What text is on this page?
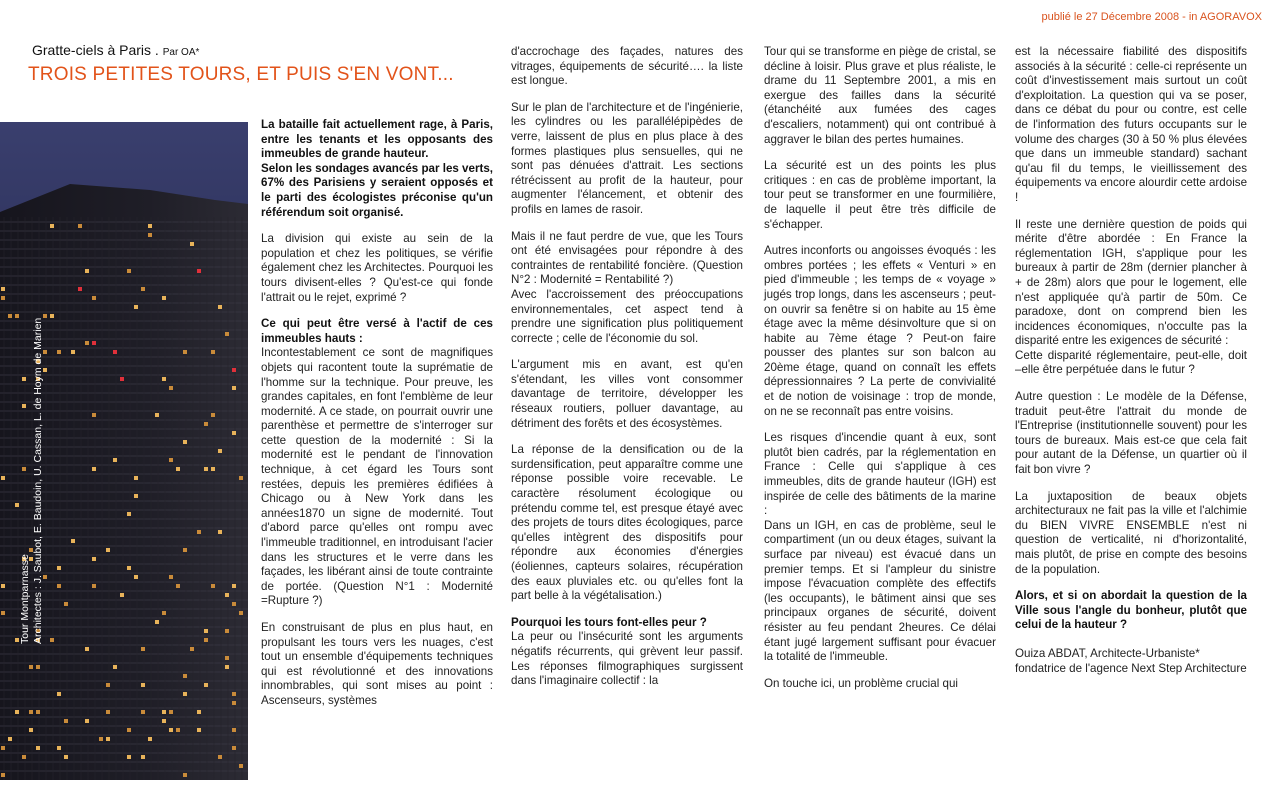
publié le 27 Décembre 2008 - in AGORAVOX
Gratte-ciels à Paris . Par OA*
TROIS PETITES TOURS, ET PUIS S'EN VONT...
Tour Montparnasse Architectes : J. Saubot, E. Baudoin, U. Cassan, L. de Hoym de Marien

La bataille fait actuellement rage, à Paris, entre les tenants et les opposants des immeubles de grande hauteur.

Selon les sondages avancés par les verts, 67% des Parisiens y seraient opposés et le parti des écologistes préconise qu'un référendum soit organisé.

La division qui existe au sein de la population et chez les politiques, se vérifie également chez les Architectes. Pourquoi les tours divisent-elles ? Qu'est-ce qui fonde l'attrait ou le rejet, exprimé ?

Ce qui peut être versé à l'actif de ces immeubles hauts :

Incontestablement ce sont de magnifiques objets qui racontent toute la suprématie de l'homme sur la technique. Pour preuve, les grandes capitales, en font l'emblème de leur modernité. A ce stade, on pourrait ouvrir une parenthèse et permettre de s'interroger sur cette question de la modernité : Si la modernité est le pendant de l'innovation technique, à cet égard les Tours sont restées, depuis les premières édifiées à Chicago ou à New York dans les années1870 un signe de modernité. Tout d'abord parce qu'elles ont rompu avec l'immeuble traditionnel, en introduisant l'acier dans les structures et le verre dans les façades, les libérant ainsi de toute contrainte de portée. (Question N°1 : Modernité =Rupture ?)

En construisant de plus en plus haut, en propulsant les tours vers les nuages, c'est tout un ensemble d'équipements techniques qui est révolutionné et des innovations innombrables, qui sont mises au point : Ascenseurs, systèmes

d'accrochage des façades, natures des vitrages, équipements de sécurité…. la liste est longue.

Sur le plan de l'architecture et de l'ingénierie, les cylindres ou les parallélépipèdes de verre, laissent de plus en plus place à des formes plastiques plus sensuelles, qui ne sont pas dénuées d'attrait. Les sections rétrécissent au profit de la hauteur, pour augmenter l'élancement, et obtenir des profils en lames de rasoir.

Mais il ne faut perdre de vue, que les Tours ont été envisagées pour répondre à des contraintes de rentabilité foncière. (Question N°2 : Modernité = Rentabilité ?)

Avec l'accroissement des préoccupations environnementales, cet aspect tend à prendre une signification plus politiquement correcte ; celle de l'économie du sol.

L'argument mis en avant, est qu'en s'étendant, les villes vont consommer davantage de territoire, développer les réseaux routiers, polluer davantage, au détriment des forêts et des écosystèmes.

La réponse de la densification ou de la surdensification, peut apparaître comme une réponse possible voire recevable. Le caractère résolument écologique ou prétendu comme tel, est presque étayé avec des projets de tours dites écologiques, parce qu'elles intègrent des dispositifs pour répondre aux économies d'énergies (éoliennes, capteurs solaires, récupération des eaux pluviales etc. ou qu'elles font la part belle à la végétalisation.)

Pourquoi les tours font-elles peur ?

La peur ou l'insécurité sont les arguments négatifs récurrents, qui grèvent leur passif. Les réponses filmographiques surgissent dans l'imaginaire collectif : la

Tour qui se transforme en piège de cristal, se décline à loisir. Plus grave et plus réaliste, le drame du 11 Septembre 2001, a mis en exergue des failles dans la sécurité (étanchéité aux fumées des cages d'escaliers, notamment) qui ont contribué à aggraver le bilan des pertes humaines.

La sécurité est un des points les plus critiques : en cas de problème important, la tour peut se transformer en une fourmilière, de laquelle il peut être très difficile de s'échapper.

Autres inconforts ou angoisses évoqués : les ombres portées ; les effets « Venturi » en pied d'immeuble ; les temps de « voyage » jugés trop longs, dans les ascenseurs ; peut-on ouvrir sa fenêtre si on habite au 15 ème étage avec la même désinvolture que si on habite au 7ème étage ? Peut-on faire pousser des plantes sur son balcon au 20ème étage, quand on connaît les effets dépressionnaires ? La perte de convivialité et de notion de voisinage : trop de monde, on ne se reconnaît pas entre voisins.

Les risques d'incendie quant à eux, sont plutôt bien cadrés, par la réglementation en France : Celle qui s'applique à ces immeubles, dits de grande hauteur (IGH) est inspirée de celle des bâtiments de la marine :

Dans un IGH, en cas de problème, seul le compartiment (un ou deux étages, suivant la surface par niveau) est évacué dans un premier temps. Et si l'ampleur du sinistre impose l'évacuation complète des effectifs (les occupants), le bâtiment ainsi que ses principaux organes de sécurité, doivent résister au feu pendant 2heures. Ce délai étant jugé largement suffisant pour évacuer la totalité de l'immeuble.

On touche ici, un problème crucial qui

est la nécessaire fiabilité des dispositifs associés à la sécurité : celle-ci représente un coût d'investissement mais surtout un coût d'exploitation. La question qui va se poser, dans ce débat du pour ou contre, est celle de l'information des futurs occupants sur le volume des charges (30 à 50 % plus élevées que dans un immeuble standard) sachant qu'au fil du temps, le vieillissement des équipements va encore alourdir cette ardoise !

Il reste une dernière question de poids qui mérite d'être abordée : En France la réglementation IGH, s'applique pour les bureaux à partir de 28m (dernier plancher à + de 28m) alors que pour le logement, elle n'est appliquée qu'à partir de 50m. Ce paradoxe, dont on comprend bien les incidences économiques, n'occulte pas la disparité entre les exigences de sécurité :

Cette disparité réglementaire, peut-elle, doit –elle être perpétuée dans le futur ?

Autre question : Le modèle de la Défense, traduit peut-être l'attrait du monde de l'Entreprise (institutionnelle souvent) pour les tours de bureaux. Mais est-ce que cela fait pour autant de la Défense, un quartier où il fait bon vivre ?

La juxtaposition de beaux objets architecturaux ne fait pas la ville et l'alchimie du BIEN VIVRE ENSEMBLE n'est ni question de verticalité, ni d'horizontalité, mais plutôt, de prise en compte des besoins de la population.

Alors, et si on abordait la question de la Ville sous l'angle du bonheur, plutôt que celui de la hauteur ?

Ouiza ABDAT, Architecte-Urbaniste*
fondatrice de l'agence Next Step Architecture
